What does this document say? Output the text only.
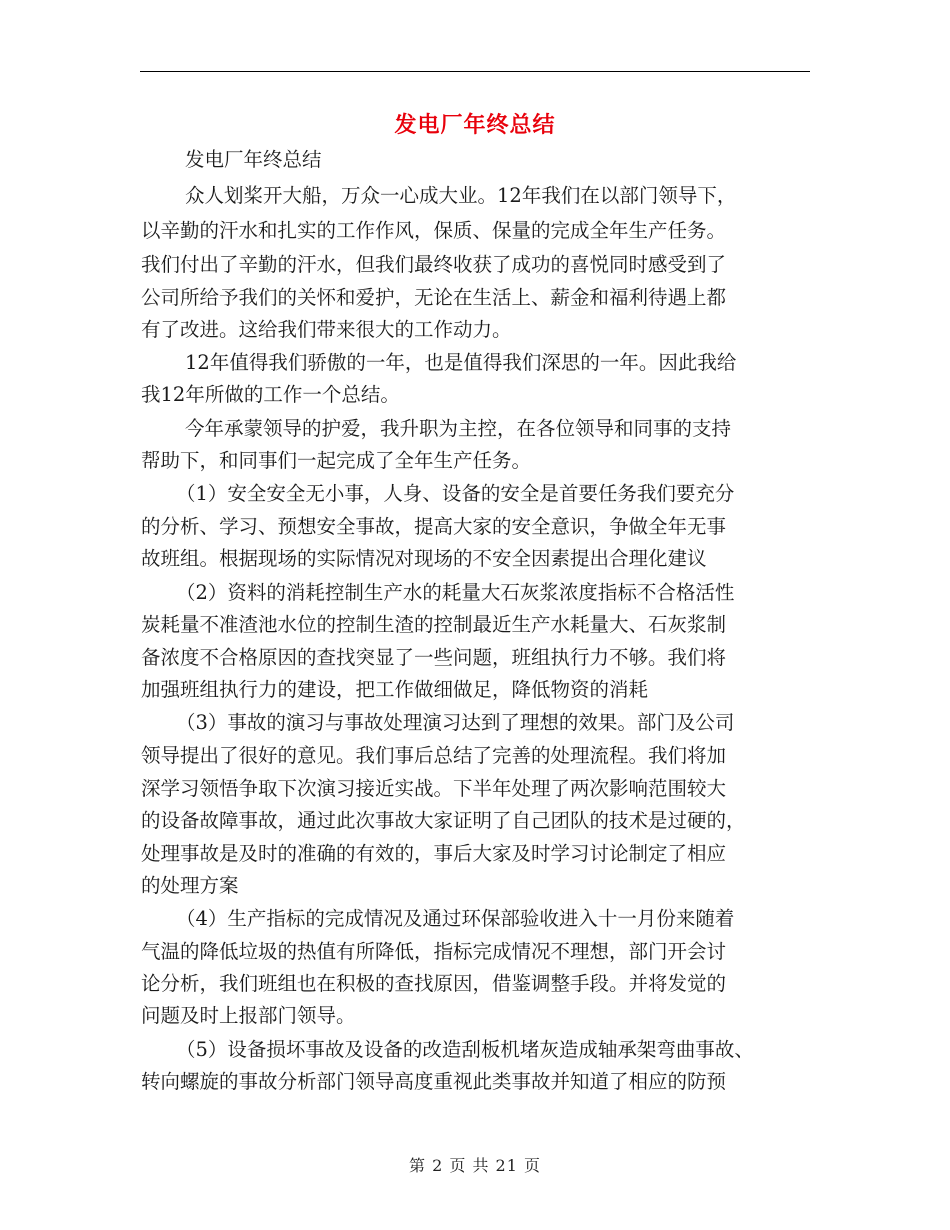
发电厂年终总结
发电厂年终总结
众人划桨开大船，万众一心成大业。12年我们在以部门领导下，
以辛勤的汗水和扎实的工作作风，保质、保量的完成全年生产任务。
我们付出了辛勤的汗水，但我们最终收获了成功的喜悦同时感受到了
公司所给予我们的关怀和爱护，无论在生活上、薪金和福利待遇上都
有了改进。这给我们带来很大的工作动力。
12年值得我们骄傲的一年，也是值得我们深思的一年。因此我给
我12年所做的工作一个总结。
今年承蒙领导的护爱，我升职为主控，在各位领导和同事的支持
帮助下，和同事们一起完成了全年生产任务。
（1）安全安全无小事，人身、设备的安全是首要任务我们要充分
的分析、学习、预想安全事故，提高大家的安全意识，争做全年无事
故班组。根据现场的实际情况对现场的不安全因素提出合理化建议
（2）资料的消耗控制生产水的耗量大石灰浆浓度指标不合格活性
炭耗量不准渣池水位的控制生渣的控制最近生产水耗量大、石灰浆制
备浓度不合格原因的查找突显了一些问题，班组执行力不够。我们将
加强班组执行力的建设，把工作做细做足，降低物资的消耗
（3）事故的演习与事故处理演习达到了理想的效果。部门及公司
领导提出了很好的意见。我们事后总结了完善的处理流程。我们将加
深学习领悟争取下次演习接近实战。下半年处理了两次影响范围较大
的设备故障事故，通过此次事故大家证明了自己团队的技术是过硬的，
处理事故是及时的准确的有效的，事后大家及时学习讨论制定了相应
的处理方案
（4）生产指标的完成情况及通过环保部验收进入十一月份来随着
气温的降低垃圾的热值有所降低，指标完成情况不理想，部门开会讨
论分析，我们班组也在积极的查找原因，借鉴调整手段。并将发觉的
问题及时上报部门领导。
（5）设备损坏事故及设备的改造刮板机堵灰造成轴承架弯曲事故、
转向螺旋的事故分析部门领导高度重视此类事故并知道了相应的防预
第 2 页 共 21 页
